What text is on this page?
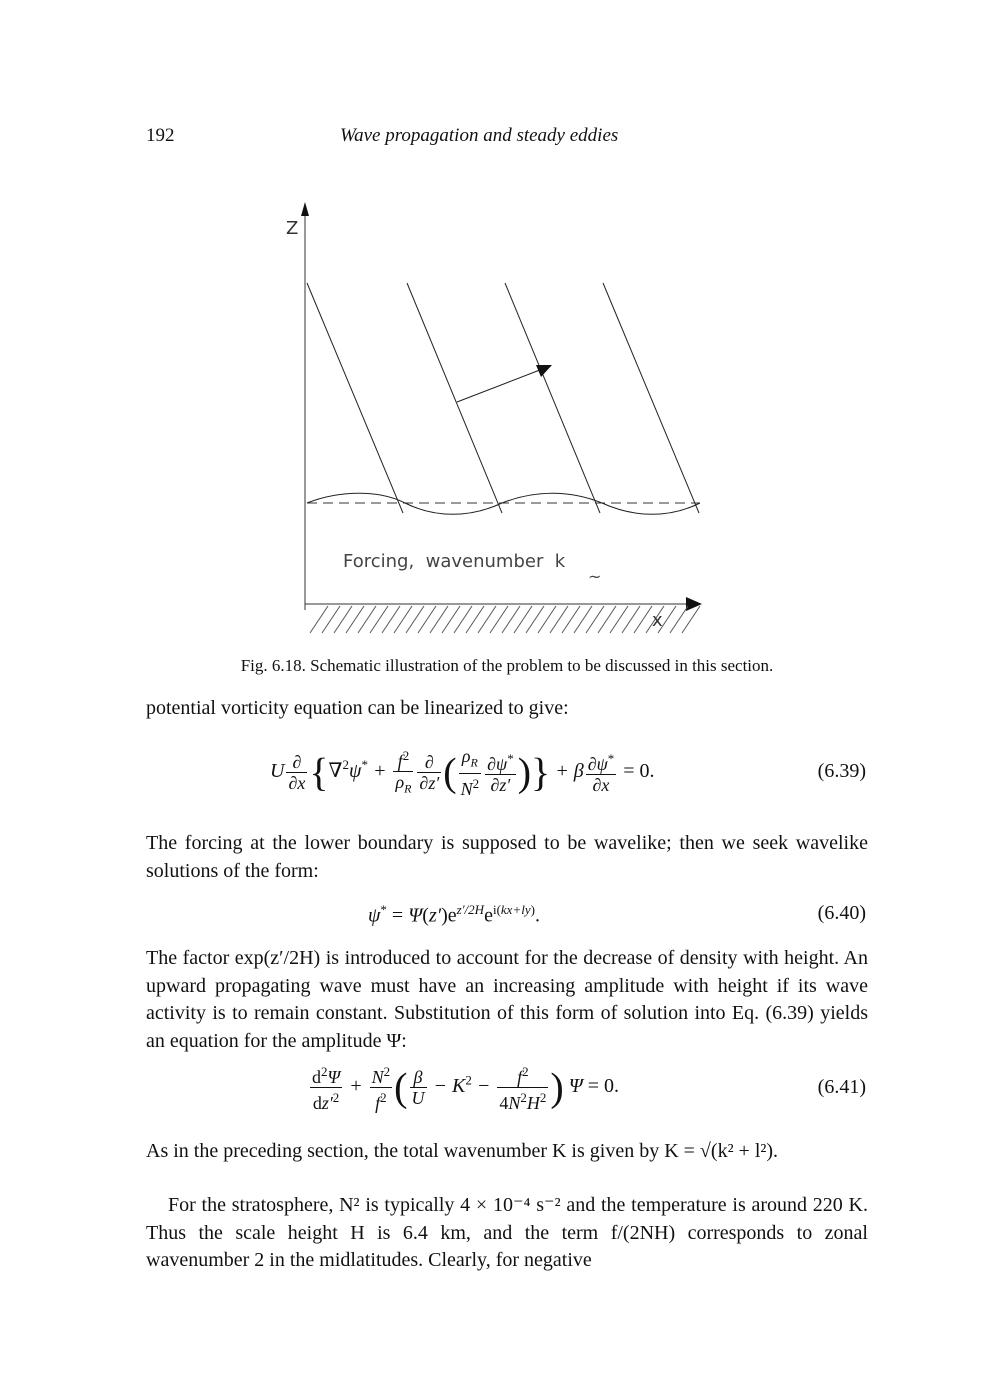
192	Wave propagation and steady eddies
Z
Forcing,  wavenumber  k
~
x
Fig. 6.18. Schematic illustration of the problem to be discussed in this section.

potential vorticity equation can be linearized to give:

U $\frac{\partial}{\partial x} \{\nabla^2\psi^* + \frac{f^2}{\rho_R} \frac{\partial}{\partial z'}$ ( $\frac{\rho_R}{N^2} \frac{\partial\psi^*}{\partial z'}$ )} + β $\frac{\partial\psi^*}{\partial x} = 0$.	(6.39)

The forcing at the lower boundary is supposed to be wavelike; then we seek wavelike solutions of the form:

$\psi^* = \Psi(z')e^{z'/2H}e^{i(kx+ly)}$.	(6.40)

The factor exp(z′/2H) is introduced to account for the decrease of density with height. An upward propagating wave must have an increasing amplitude with height if its wave activity is to remain constant. Substitution of this form of solution into Eq. (6.39) yields an equation for the amplitude Ψ:

$\frac{d^2\Psi}{dz'^2} + \frac{N^2}{f^2}$ ( $\frac{\beta}{U} - K^2 - \frac{f^2}{4N^2H^2}$ ) Ψ = 0.	(6.41)

As in the preceding section, the total wavenumber K is given by K = √(k² + l²).

For the stratosphere, N² is typically 4 × 10⁻⁴ s⁻² and the temperature is around 220 K. Thus the scale height H is 6.4 km, and the term f/(2NH) corresponds to zonal wavenumber 2 in the midlatitudes. Clearly, for negative
